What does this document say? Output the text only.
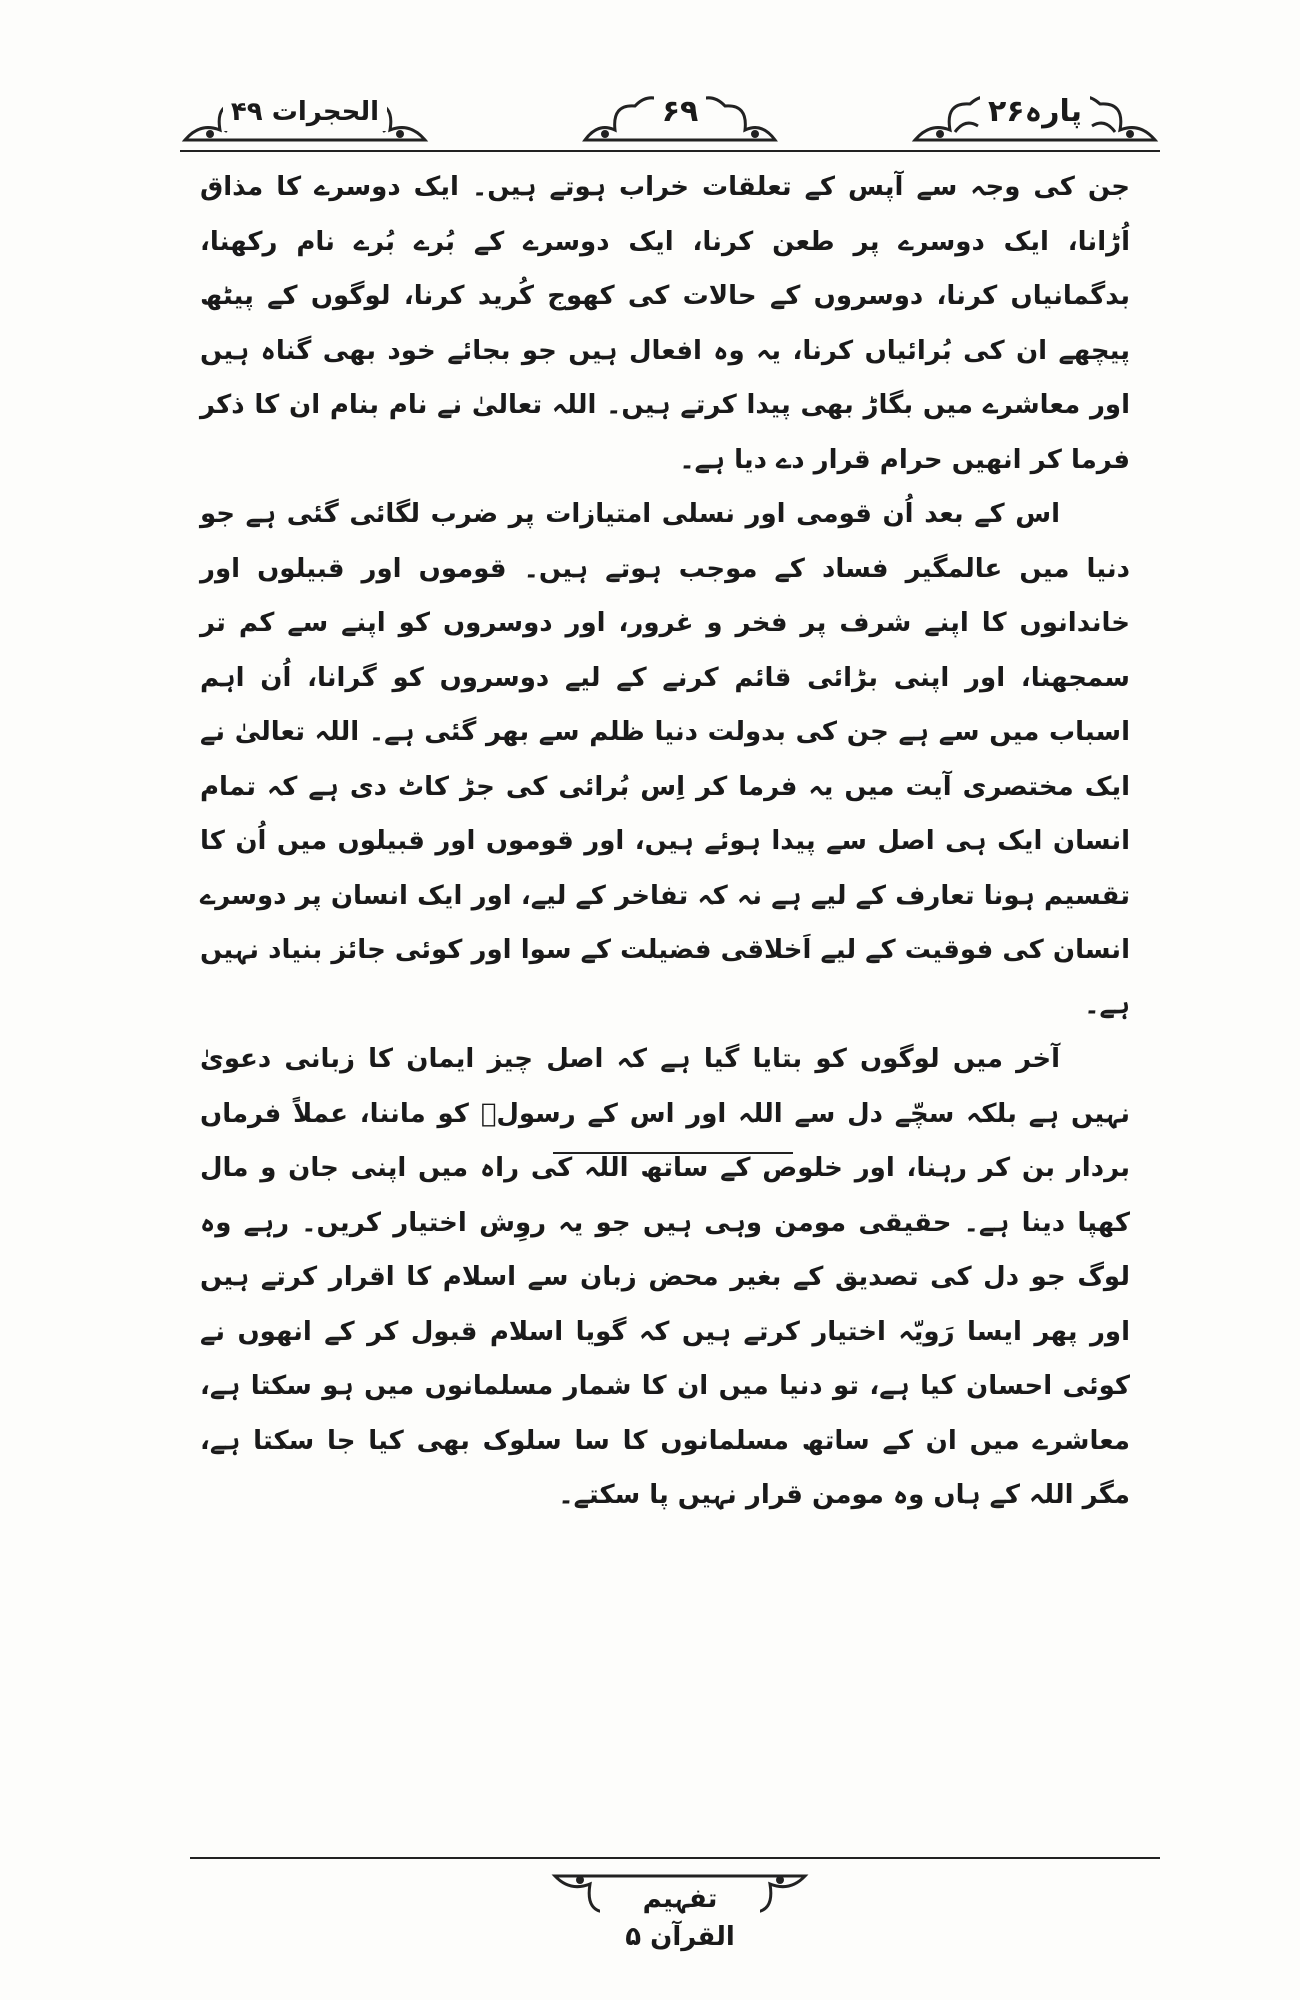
الحجرات ۴۹	۶۹	پارہ۲۶

جن کی وجہ سے آپس کے تعلقات خراب ہوتے ہیں۔ ایک دوسرے کا مذاق اُڑانا، ایک دوسرے پر طعن کرنا، ایک دوسرے کے بُرے بُرے نام رکھنا، بدگمانیاں کرنا، دوسروں کے حالات کی کھوج کُرید کرنا، لوگوں کے پیٹھ پیچھے ان کی بُرائیاں کرنا، یہ وہ افعال ہیں جو بجائے خود بھی گناہ ہیں اور معاشرے میں بگاڑ بھی پیدا کرتے ہیں۔ اللہ تعالیٰ نے نام بنام ان کا ذکر فرما کر انھیں حرام قرار دے دیا ہے۔

اس کے بعد اُن قومی اور نسلی امتیازات پر ضرب لگائی گئی ہے جو دنیا میں عالمگیر فساد کے موجب ہوتے ہیں۔ قوموں اور قبیلوں اور خاندانوں کا اپنے شرف پر فخر و غرور، اور دوسروں کو اپنے سے کم تر سمجھنا، اور اپنی بڑائی قائم کرنے کے لیے دوسروں کو گرانا، اُن اہم اسباب میں سے ہے جن کی بدولت دنیا ظلم سے بھر گئی ہے۔ اللہ تعالیٰ نے ایک مختصری آیت میں یہ فرما کر اِس بُرائی کی جڑ کاٹ دی ہے کہ تمام انسان ایک ہی اصل سے پیدا ہوئے ہیں، اور قوموں اور قبیلوں میں اُن کا تقسیم ہونا تعارف کے لیے ہے نہ کہ تفاخر کے لیے، اور ایک انسان پر دوسرے انسان کی فوقیت کے لیے اَخلاقی فضیلت کے سوا اور کوئی جائز بنیاد نہیں ہے۔

آخر میں لوگوں کو بتایا گیا ہے کہ اصل چیز ایمان کا زبانی دعویٰ نہیں ہے بلکہ سچّے دل سے اللہ اور اس کے رسولؐ کو ماننا، عملاً فرماں بردار بن کر رہنا، اور خلوص کے ساتھ اللہ کی راہ میں اپنی جان و مال کھپا دینا ہے۔ حقیقی مومن وہی ہیں جو یہ روِش اختیار کریں۔ رہے وہ لوگ جو دل کی تصدیق کے بغیر محض زبان سے اسلام کا اقرار کرتے ہیں اور پھر ایسا رَویّہ اختیار کرتے ہیں کہ گویا اسلام قبول کر کے انھوں نے کوئی احسان کیا ہے، تو دنیا میں ان کا شمار مسلمانوں میں ہو سکتا ہے، معاشرے میں ان کے ساتھ مسلمانوں کا سا سلوک بھی کیا جا سکتا ہے، مگر اللہ کے ہاں وہ مومن قرار نہیں پا سکتے۔

تفہیم القرآن ۵
